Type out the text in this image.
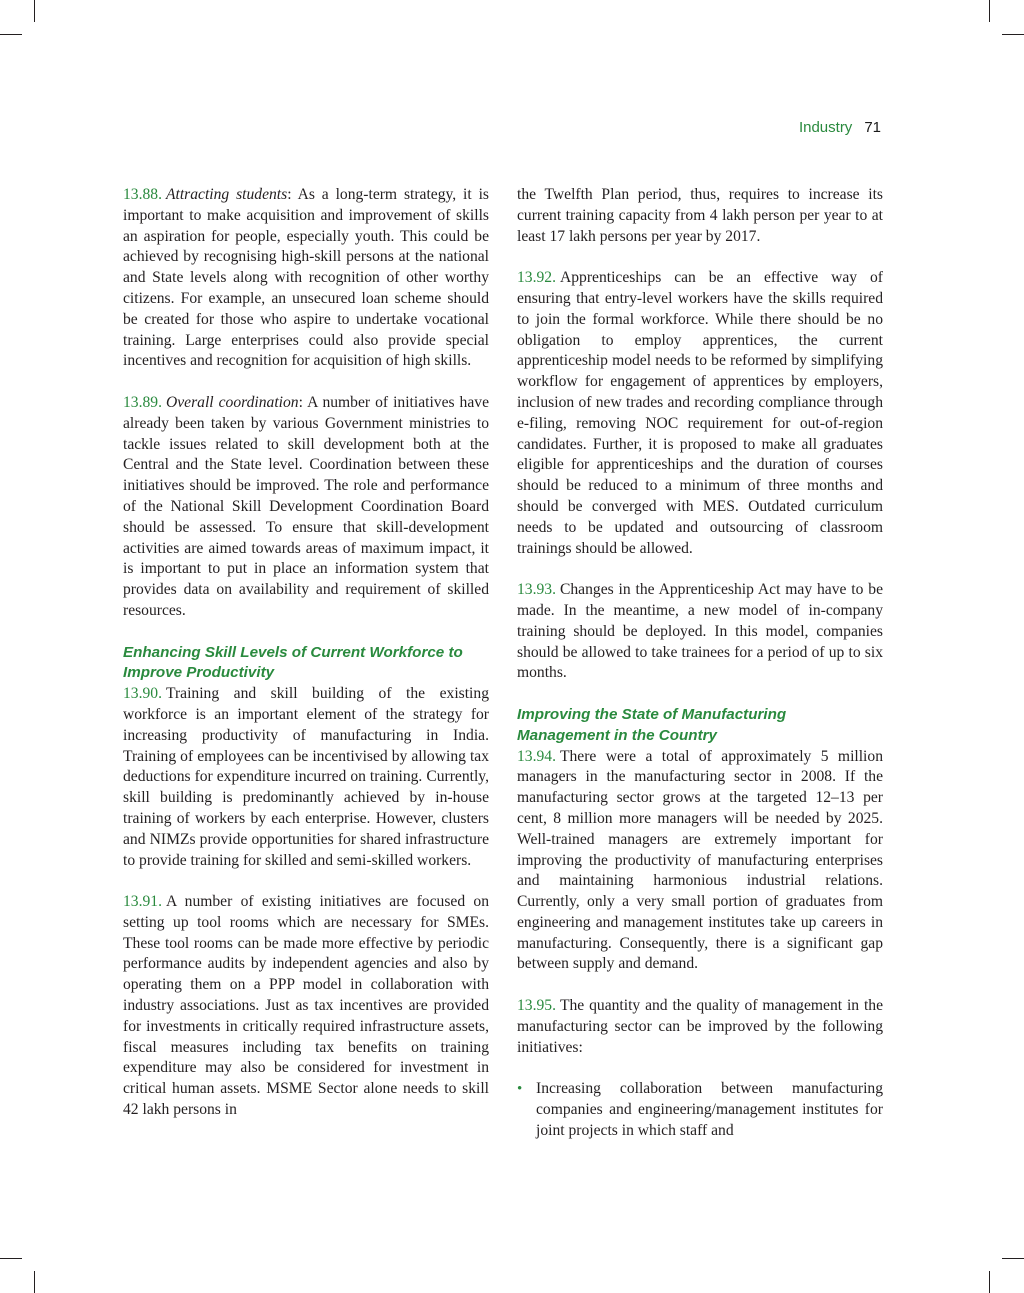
Industry 71

13.88. Attracting students: As a long-term strategy, it is important to make acquisition and improvement of skills an aspiration for people, especially youth. This could be achieved by recognising high-skill persons at the national and State levels along with recognition of other worthy citizens. For example, an unsecured loan scheme should be created for those who aspire to undertake vocational training. Large enterprises could also provide special incentives and recognition for acquisition of high skills.

13.89. Overall coordination: A number of initiatives have already been taken by various Government ministries to tackle issues related to skill development both at the Central and the State level. Coordination between these initiatives should be improved. The role and performance of the National Skill Development Coordination Board should be assessed. To ensure that skill-development activities are aimed towards areas of maximum impact, it is important to put in place an information system that provides data on availability and requirement of skilled resources.

Enhancing Skill Levels of Current Workforce to Improve Productivity

13.90. Training and skill building of the existing workforce is an important element of the strategy for increasing productivity of manufacturing in India. Training of employees can be incentivised by allowing tax deductions for expenditure incurred on training. Currently, skill building is predominantly achieved by in-house training of workers by each enterprise. However, clusters and NIMZs provide opportunities for shared infrastructure to provide training for skilled and semi-skilled workers.

13.91. A number of existing initiatives are focused on setting up tool rooms which are necessary for SMEs. These tool rooms can be made more effective by periodic performance audits by independent agencies and also by operating them on a PPP model in collaboration with industry associations. Just as tax incentives are provided for investments in critically required infrastructure assets, fiscal measures including tax benefits on training expenditure may also be considered for investment in critical human assets. MSME Sector alone needs to skill 42 lakh persons in

the Twelfth Plan period, thus, requires to increase its current training capacity from 4 lakh person per year to at least 17 lakh persons per year by 2017.

13.92. Apprenticeships can be an effective way of ensuring that entry-level workers have the skills required to join the formal workforce. While there should be no obligation to employ apprentices, the current apprenticeship model needs to be reformed by simplifying workflow for engagement of apprentices by employers, inclusion of new trades and recording compliance through e-filing, removing NOC requirement for out-of-region candidates. Further, it is proposed to make all graduates eligible for apprenticeships and the duration of courses should be reduced to a minimum of three months and should be converged with MES. Outdated curriculum needs to be updated and outsourcing of classroom trainings should be allowed.

13.93. Changes in the Apprenticeship Act may have to be made. In the meantime, a new model of in-company training should be deployed. In this model, companies should be allowed to take trainees for a period of up to six months.

Improving the State of Manufacturing Management in the Country

13.94. There were a total of approximately 5 million managers in the manufacturing sector in 2008. If the manufacturing sector grows at the targeted 12–13 per cent, 8 million more managers will be needed by 2025. Well-trained managers are extremely important for improving the productivity of manufacturing enterprises and maintaining harmonious industrial relations. Currently, only a very small portion of graduates from engineering and management institutes take up careers in manufacturing. Consequently, there is a significant gap between supply and demand.

13.95. The quantity and the quality of management in the manufacturing sector can be improved by the following initiatives:

• Increasing collaboration between manufacturing companies and engineering/management institutes for joint projects in which staff and
